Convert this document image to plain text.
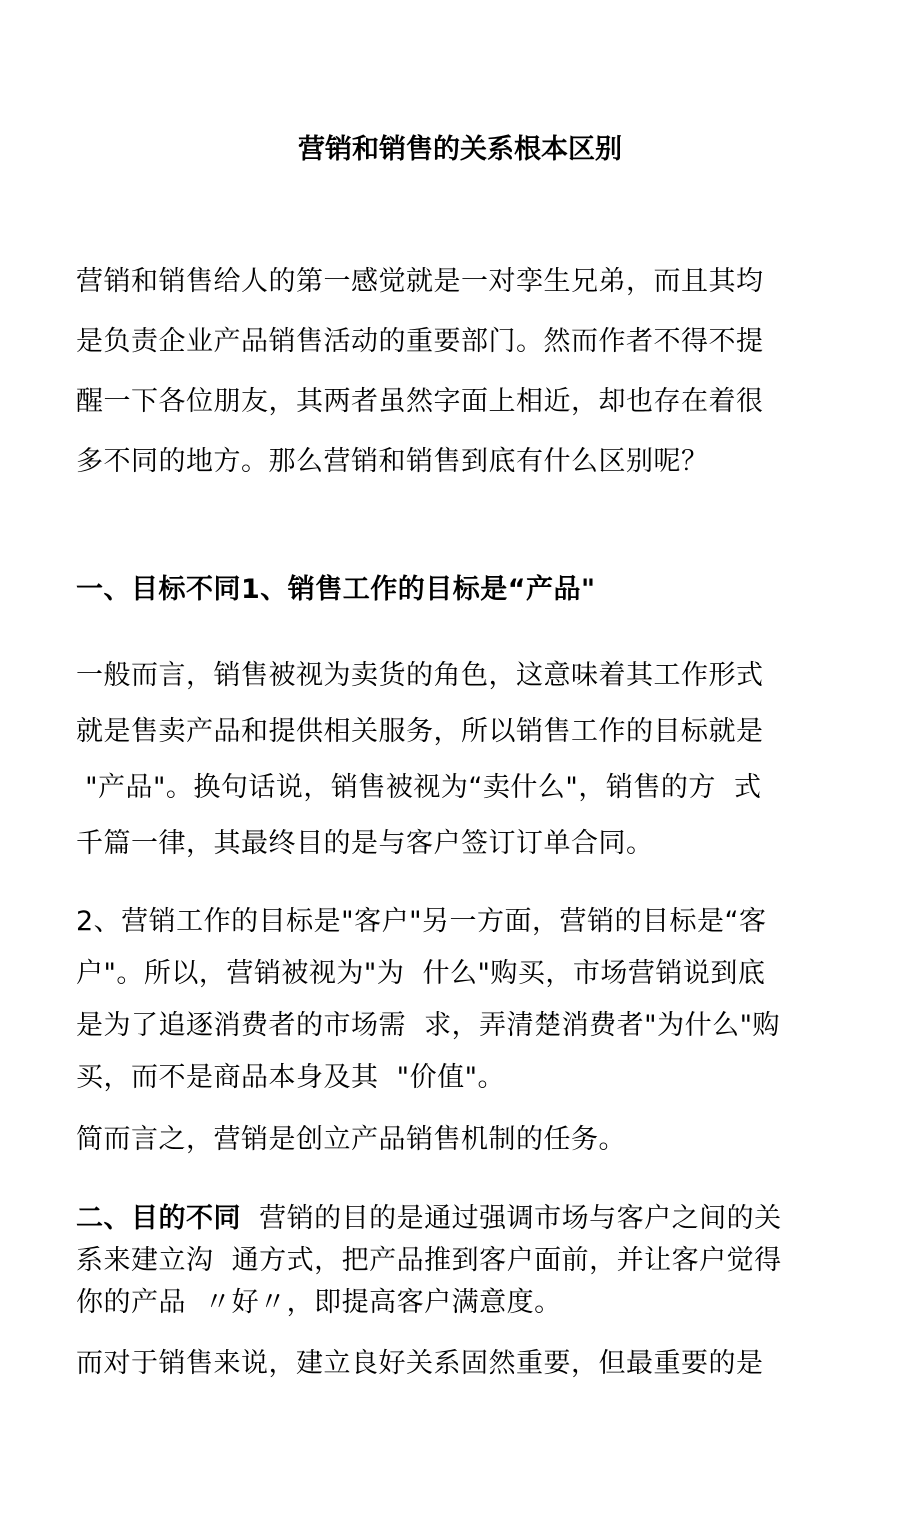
营销和销售的关系根本区别

营销和销售给人的第一感觉就是一对孪生兄弟，而且其均
是负责企业产品销售活动的重要部门。然而作者不得不提
醒一下各位朋友，其两者虽然字面上相近，却也存在着很
多不同的地方。那么营销和销售到底有什么区别呢？

一、目标不同1、销售工作的目标是“产品"

一般而言，销售被视为卖货的角色，这意味着其工作形式
就是售卖产品和提供相关服务，所以销售工作的目标就是
"产品"。换句话说，销售被视为“卖什么"，销售的方  式
千篇一律，其最终目的是与客户签订订单合同。

2、营销工作的目标是"客户"另一方面，营销的目标是“客
户"。所以，营销被视为"为  什么"购买，市场营销说到底
是为了追逐消费者的市场需  求，弄清楚消费者"为什么"购
买，而不是商品本身及其  "价值"。

简而言之，营销是创立产品销售机制的任务。

二、目的不同  营销的目的是通过强调市场与客户之间的关
系来建立沟  通方式，把产品推到客户面前，并让客户觉得
你的产品  〃好〃，即提高客户满意度。

而对于销售来说，建立良好关系固然重要，但最重要的是
